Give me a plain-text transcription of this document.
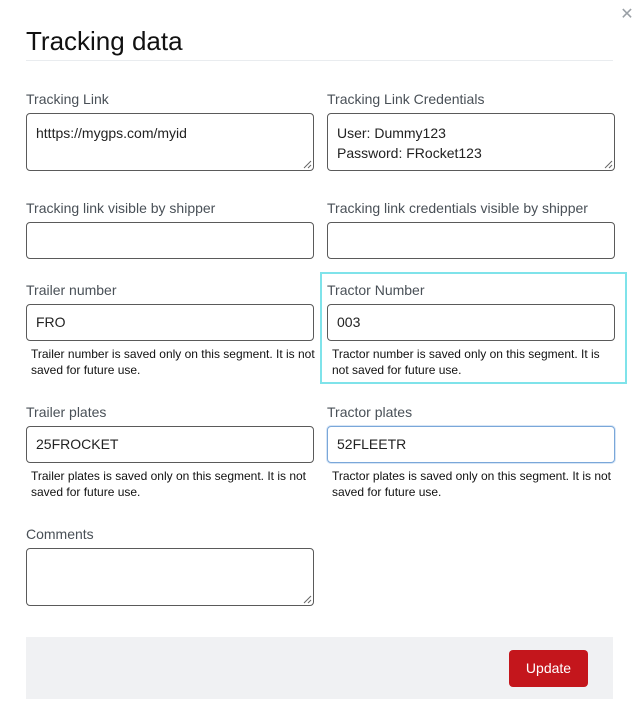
✕
Tracking data
Tracking Link
htttps://mygps.com/myid
Tracking Link Credentials
User: Dummy123
Password: FRocket123
Tracking link visible by shipper	Tracking link credentials visible by shipper
Trailer number
FRO
Trailer number is saved only on this segment. It is not saved for future use.
Tractor Number
003
Tractor number is saved only on this segment. It is not saved for future use.
Trailer plates
25FROCKET
Trailer plates is saved only on this segment. It is not saved for future use.
Tractor plates
52FLEETR
Tractor plates is saved only on this segment. It is not saved for future use.
Comments
Update
